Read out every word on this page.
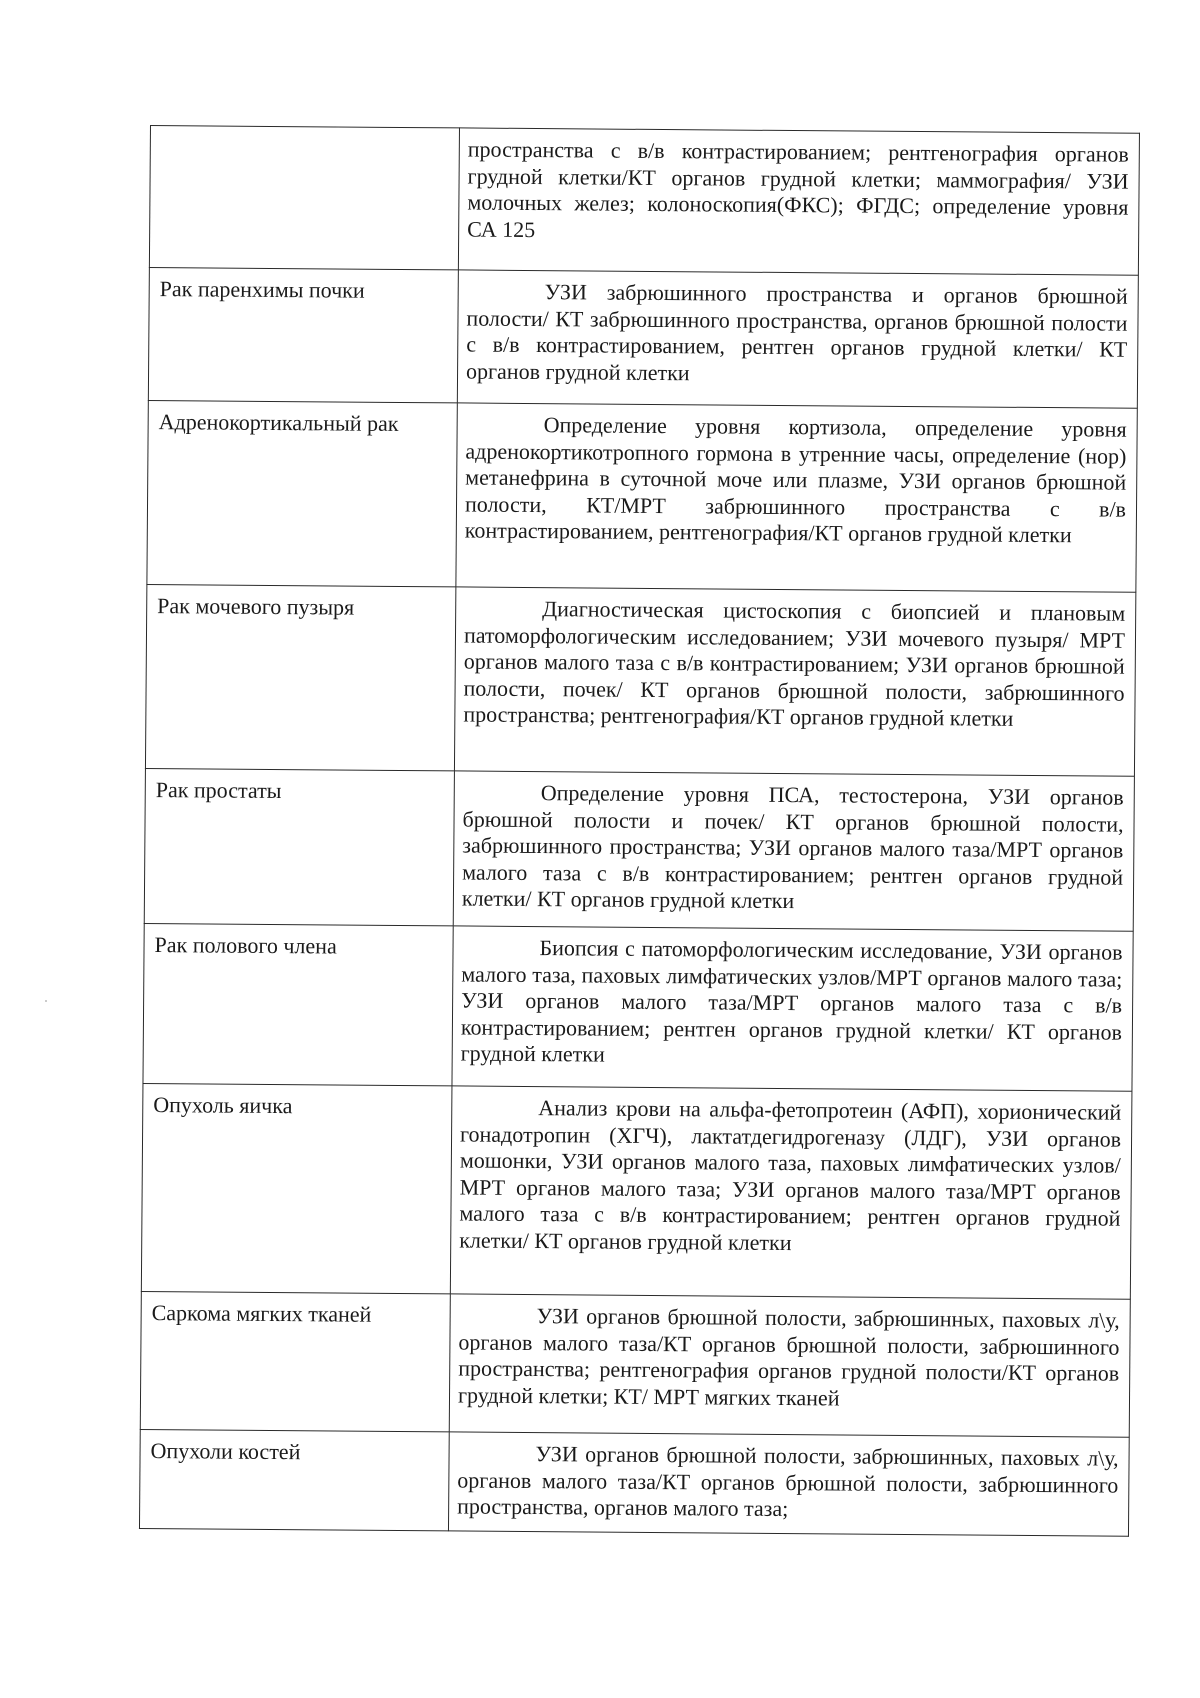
	пространства с в/в контрастированием; рентгенография органов грудной клетки/КТ органов грудной клетки; маммография/ УЗИ молочных желез; колоноскопия(ФКС); ФГДС; определение уровня СА 125
Рак паренхимы почки	УЗИ забрюшинного пространства и органов брюшной полости/ КТ забрюшинного пространства, органов брюшной полости с в/в контрастированием, рентген органов грудной клетки/ КТ органов грудной клетки
Адренокортикальный рак	Определение уровня кортизола, определение уровня адренокортикотропного гормона в утренние часы, определение (нор) метанефрина в суточной моче или плазме, УЗИ органов брюшной полости, КТ/МРТ забрюшинного пространства с в/в контрастированием, рентгенография/КТ органов грудной клетки
Рак мочевого пузыря	Диагностическая цистоскопия с биопсией и плановым патоморфологическим исследованием; УЗИ мочевого пузыря/ МРТ органов малого таза с в/в контрастированием; УЗИ органов брюшной полости, почек/ КТ органов брюшной полости, забрюшинного пространства; рентгенография/КТ органов грудной клетки
Рак простаты	Определение уровня ПСА, тестостерона, УЗИ органов брюшной полости и почек/ КТ органов брюшной полости, забрюшинного пространства; УЗИ органов малого таза/МРТ органов малого таза с в/в контрастированием; рентген органов грудной клетки/ КТ органов грудной клетки
Рак полового члена	Биопсия с патоморфологическим исследование, УЗИ органов малого таза, паховых лимфатических узлов/МРТ органов малого таза; УЗИ органов малого таза/МРТ органов малого таза с в/в контрастированием; рентген органов грудной клетки/ КТ органов грудной клетки
Опухоль яичка	Анализ крови на альфа-фетопротеин (АФП), хорионический гонадотропин (ХГЧ), лактатдегидрогеназу (ЛДГ), УЗИ органов мошонки, УЗИ органов малого таза, паховых лимфатических узлов/МРТ органов малого таза; УЗИ органов малого таза/МРТ органов малого таза с в/в контрастированием; рентген органов грудной клетки/ КТ органов грудной клетки
Саркома мягких тканей	УЗИ органов брюшной полости, забрюшинных, паховых л\у, органов малого таза/КТ органов брюшной полости, забрюшинного пространства; рентгенография органов грудной полости/КТ органов грудной клетки; КТ/ МРТ мягких тканей
Опухоли костей	УЗИ органов брюшной полости, забрюшинных, паховых л\у, органов малого таза/КТ органов брюшной полости, забрюшинного пространства, органов малого таза;
